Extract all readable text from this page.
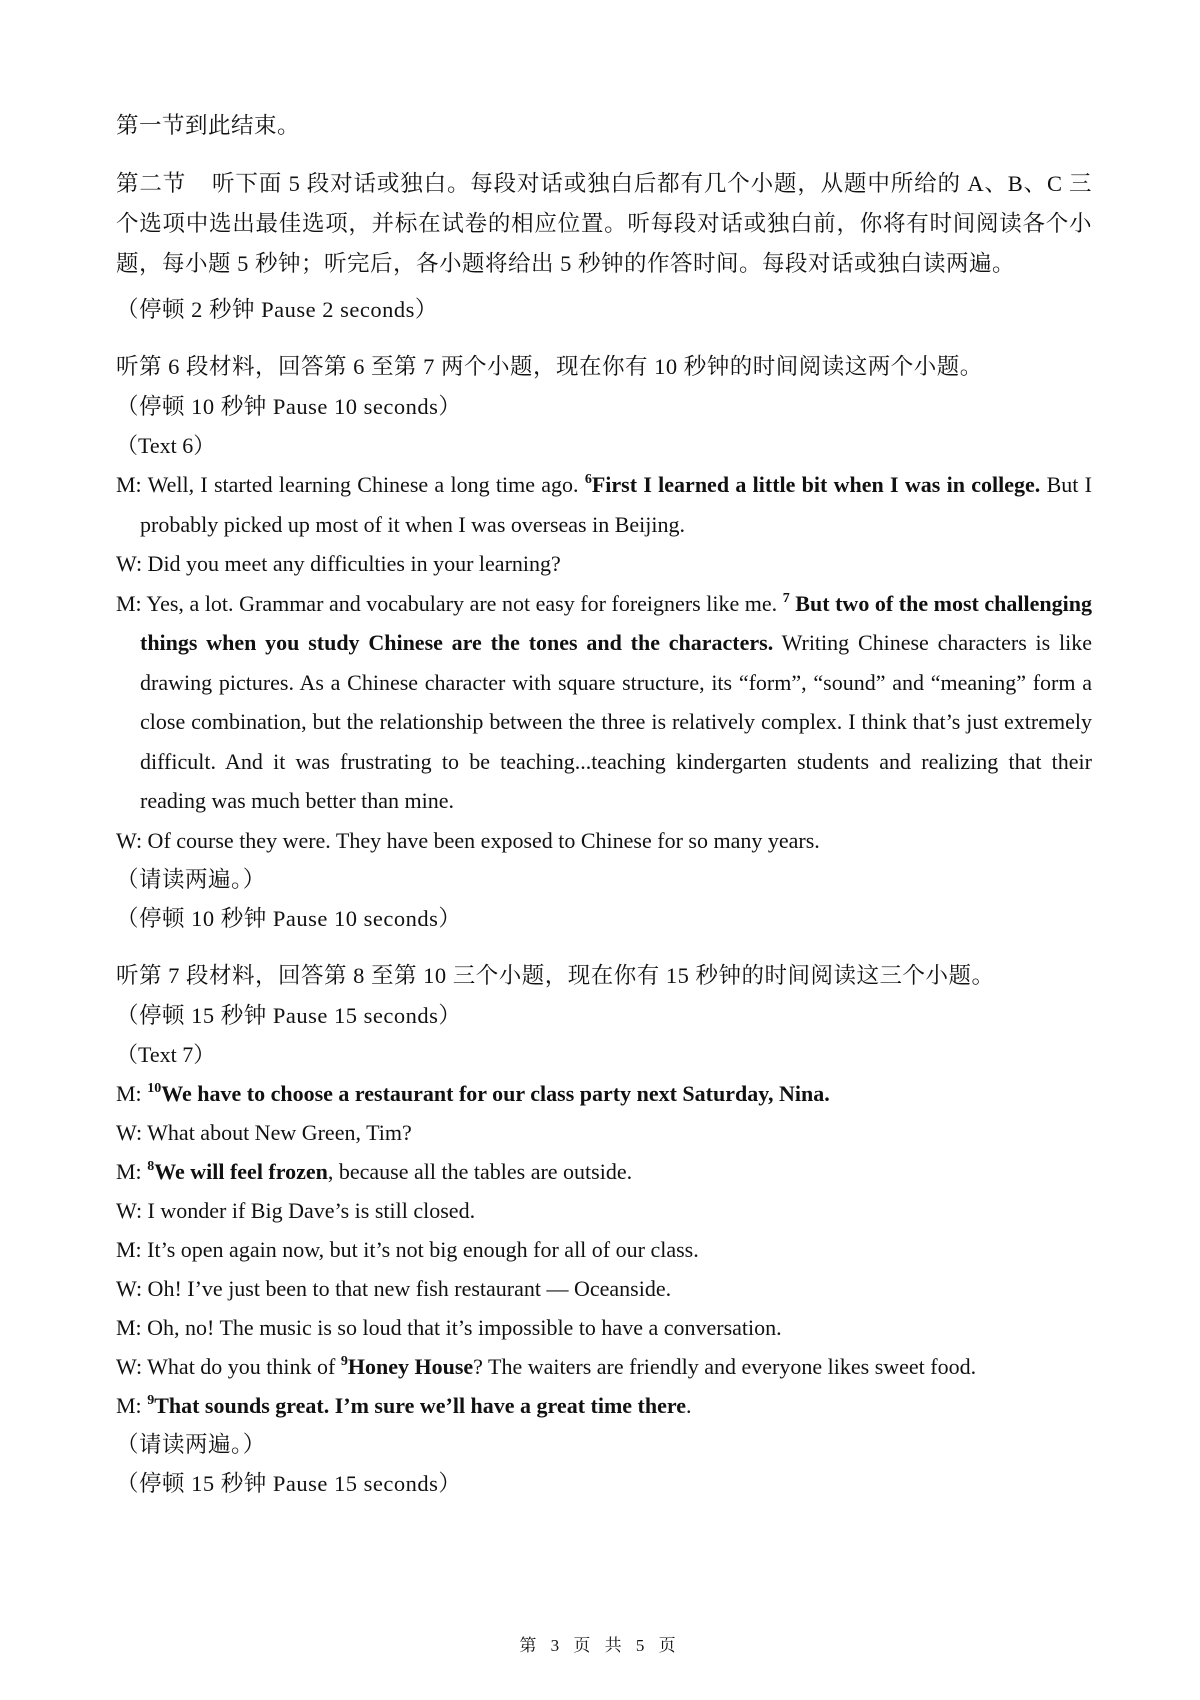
第一节到此结束。

第二节 听下面 5 段对话或独白。每段对话或独白后都有几个小题，从题中所给的 A、B、C 三个选项中选出最佳选项，并标在试卷的相应位置。听每段对话或独白前，你将有时间阅读各个小题，每小题 5 秒钟；听完后，各小题将给出 5 秒钟的作答时间。每段对话或独白读两遍。

（停顿 2 秒钟 Pause 2 seconds）

听第 6 段材料，回答第 6 至第 7 两个小题，现在你有 10 秒钟的时间阅读这两个小题。

（停顿 10 秒钟 Pause 10 seconds）
（Text 6）

M: Well, I started learning Chinese a long time ago. $^6$First I learned a little bit when I was in college. But I probably picked up most of it when I was overseas in Beijing.

W: Did you meet any difficulties in your learning?

M: Yes, a lot. Grammar and vocabulary are not easy for foreigners like me. $^7$ But two of the most challenging things when you study Chinese are the tones and the characters. Writing Chinese characters is like drawing pictures. As a Chinese character with square structure, its “form”, “sound” and “meaning” form a close combination, but the relationship between the three is relatively complex. I think that’s just extremely difficult. And it was frustrating to be teaching...teaching kindergarten students and realizing that their reading was much better than mine.

W: Of course they were. They have been exposed to Chinese for so many years.

（请读两遍。）
（停顿 10 秒钟 Pause 10 seconds）

听第 7 段材料，回答第 8 至第 10 三个小题，现在你有 15 秒钟的时间阅读这三个小题。

（停顿 15 秒钟 Pause 15 seconds）
（Text 7）

M: $^{10}$We have to choose a restaurant for our class party next Saturday, Nina.

W: What about New Green, Tim?

M: $^8$We will feel frozen, because all the tables are outside.

W: I wonder if Big Dave’s is still closed.

M: It’s open again now, but it’s not big enough for all of our class.

W: Oh! I’ve just been to that new fish restaurant — Oceanside.

M: Oh, no! The music is so loud that it’s impossible to have a conversation.

W: What do you think of $^9$Honey House? The waiters are friendly and everyone likes sweet food.

M: $^9$That sounds great. I’m sure we’ll have a great time there.

（请读两遍。）
（停顿 15 秒钟 Pause 15 seconds）
第 3 页 共 5 页
